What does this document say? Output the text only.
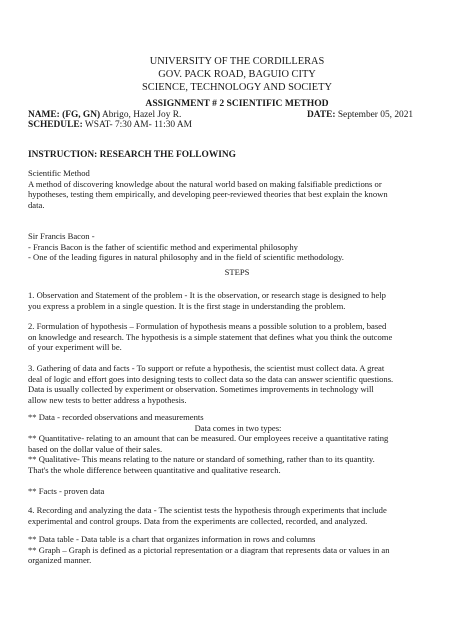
UNIVERSITY OF THE CORDILLERAS
GOV. PACK ROAD, BAGUIO CITY
SCIENCE, TECHNOLOGY AND SOCIETY
ASSIGNMENT # 2 SCIENTIFIC METHOD
NAME: (FG, GN) Abrigo, Hazel Joy R.	DATE: September 05, 2021
SCHEDULE: WSAT- 7:30 AM- 11:30 AM
INSTRUCTION: RESEARCH THE FOLLOWING
Scientific Method
A method of discovering knowledge about the natural world based on making falsifiable predictions or
hypotheses, testing them empirically, and developing peer-reviewed theories that best explain the known
data.
Sir Francis Bacon -
- Francis Bacon is the father of scientific method and experimental philosophy
- One of the leading figures in natural philosophy and in the field of scientific methodology.
STEPS
1. Observation and Statement of the problem - It is the observation, or research stage is designed to help
you express a problem in a single question. It is the first stage in understanding the problem.
2. Formulation of hypothesis – Formulation of hypothesis means a possible solution to a problem, based
on knowledge and research. The hypothesis is a simple statement that defines what you think the outcome
of your experiment will be.
3. Gathering of data and facts - To support or refute a hypothesis, the scientist must collect data. A great
deal of logic and effort goes into designing tests to collect data so the data can answer scientific questions.
Data is usually collected by experiment or observation. Sometimes improvements in technology will
allow new tests to better address a hypothesis.
** Data - recorded observations and measurements
Data comes in two types:
** Quantitative- relating to an amount that can be measured. Our employees receive a quantitative rating
based on the dollar value of their sales.
** Qualitative- This means relating to the nature or standard of something, rather than to its quantity.
That's the whole difference between quantitative and qualitative research.
** Facts - proven data
4. Recording and analyzing the data - The scientist tests the hypothesis through experiments that include
experimental and control groups. Data from the experiments are collected, recorded, and analyzed.
** Data table - Data table is a chart that organizes information in rows and columns
** Graph – Graph is defined as a pictorial representation or a diagram that represents data or values in an
organized manner.
